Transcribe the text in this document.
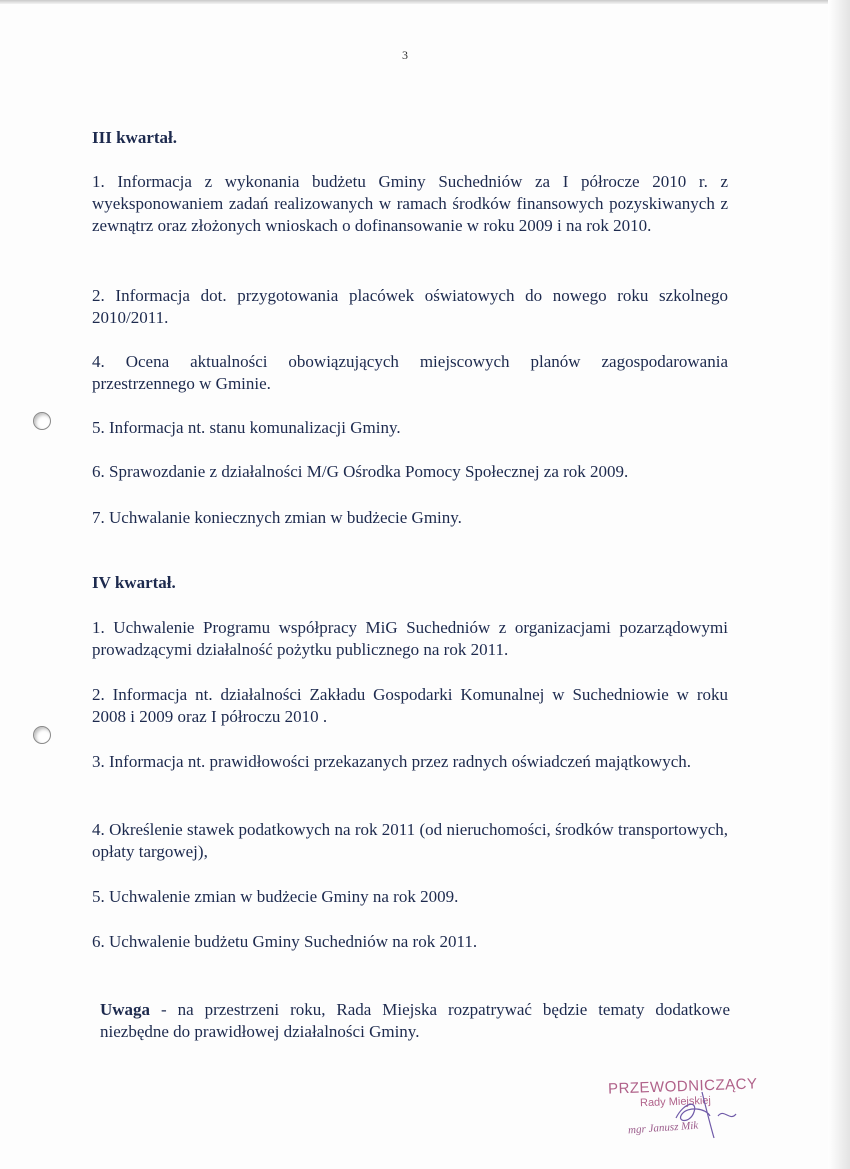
3
III kwartał.
1. Informacja z wykonania budżetu Gminy Suchedniów za I półrocze 2010 r. z wyeksponowaniem zadań realizowanych w ramach środków finansowych pozyskiwanych z zewnątrz oraz złożonych wnioskach o dofinansowanie w roku 2009 i na rok 2010.
2. Informacja dot. przygotowania placówek oświatowych do nowego roku szkolnego 2010/2011.
4. Ocena aktualności obowiązujących miejscowych planów zagospodarowania przestrzennego w Gminie.
5. Informacja nt. stanu komunalizacji Gminy.
6. Sprawozdanie z działalności M/G Ośrodka Pomocy Społecznej za rok 2009.
7. Uchwalanie koniecznych zmian w budżecie Gminy.
IV kwartał.
1. Uchwalenie Programu współpracy MiG Suchedniów z organizacjami pozarządowymi prowadzącymi działalność pożytku publicznego na rok 2011.
2. Informacja nt. działalności Zakładu Gospodarki Komunalnej w Suchedniowie w roku 2008 i 2009 oraz I półroczu 2010 .
3. Informacja nt. prawidłowości przekazanych przez radnych oświadczeń majątkowych.
4. Określenie stawek podatkowych na rok 2011 (od nieruchomości, środków transportowych, opłaty targowej),
5. Uchwalenie zmian w budżecie Gminy na rok 2009.
6. Uchwalenie budżetu Gminy Suchedniów na rok 2011.
Uwaga - na przestrzeni roku, Rada Miejska rozpatrywać będzie tematy dodatkowe niezbędne do prawidłowej działalności Gminy.
PRZEWODNICZĄCY
Rady Miejskiej
mgr Janusz Mik
